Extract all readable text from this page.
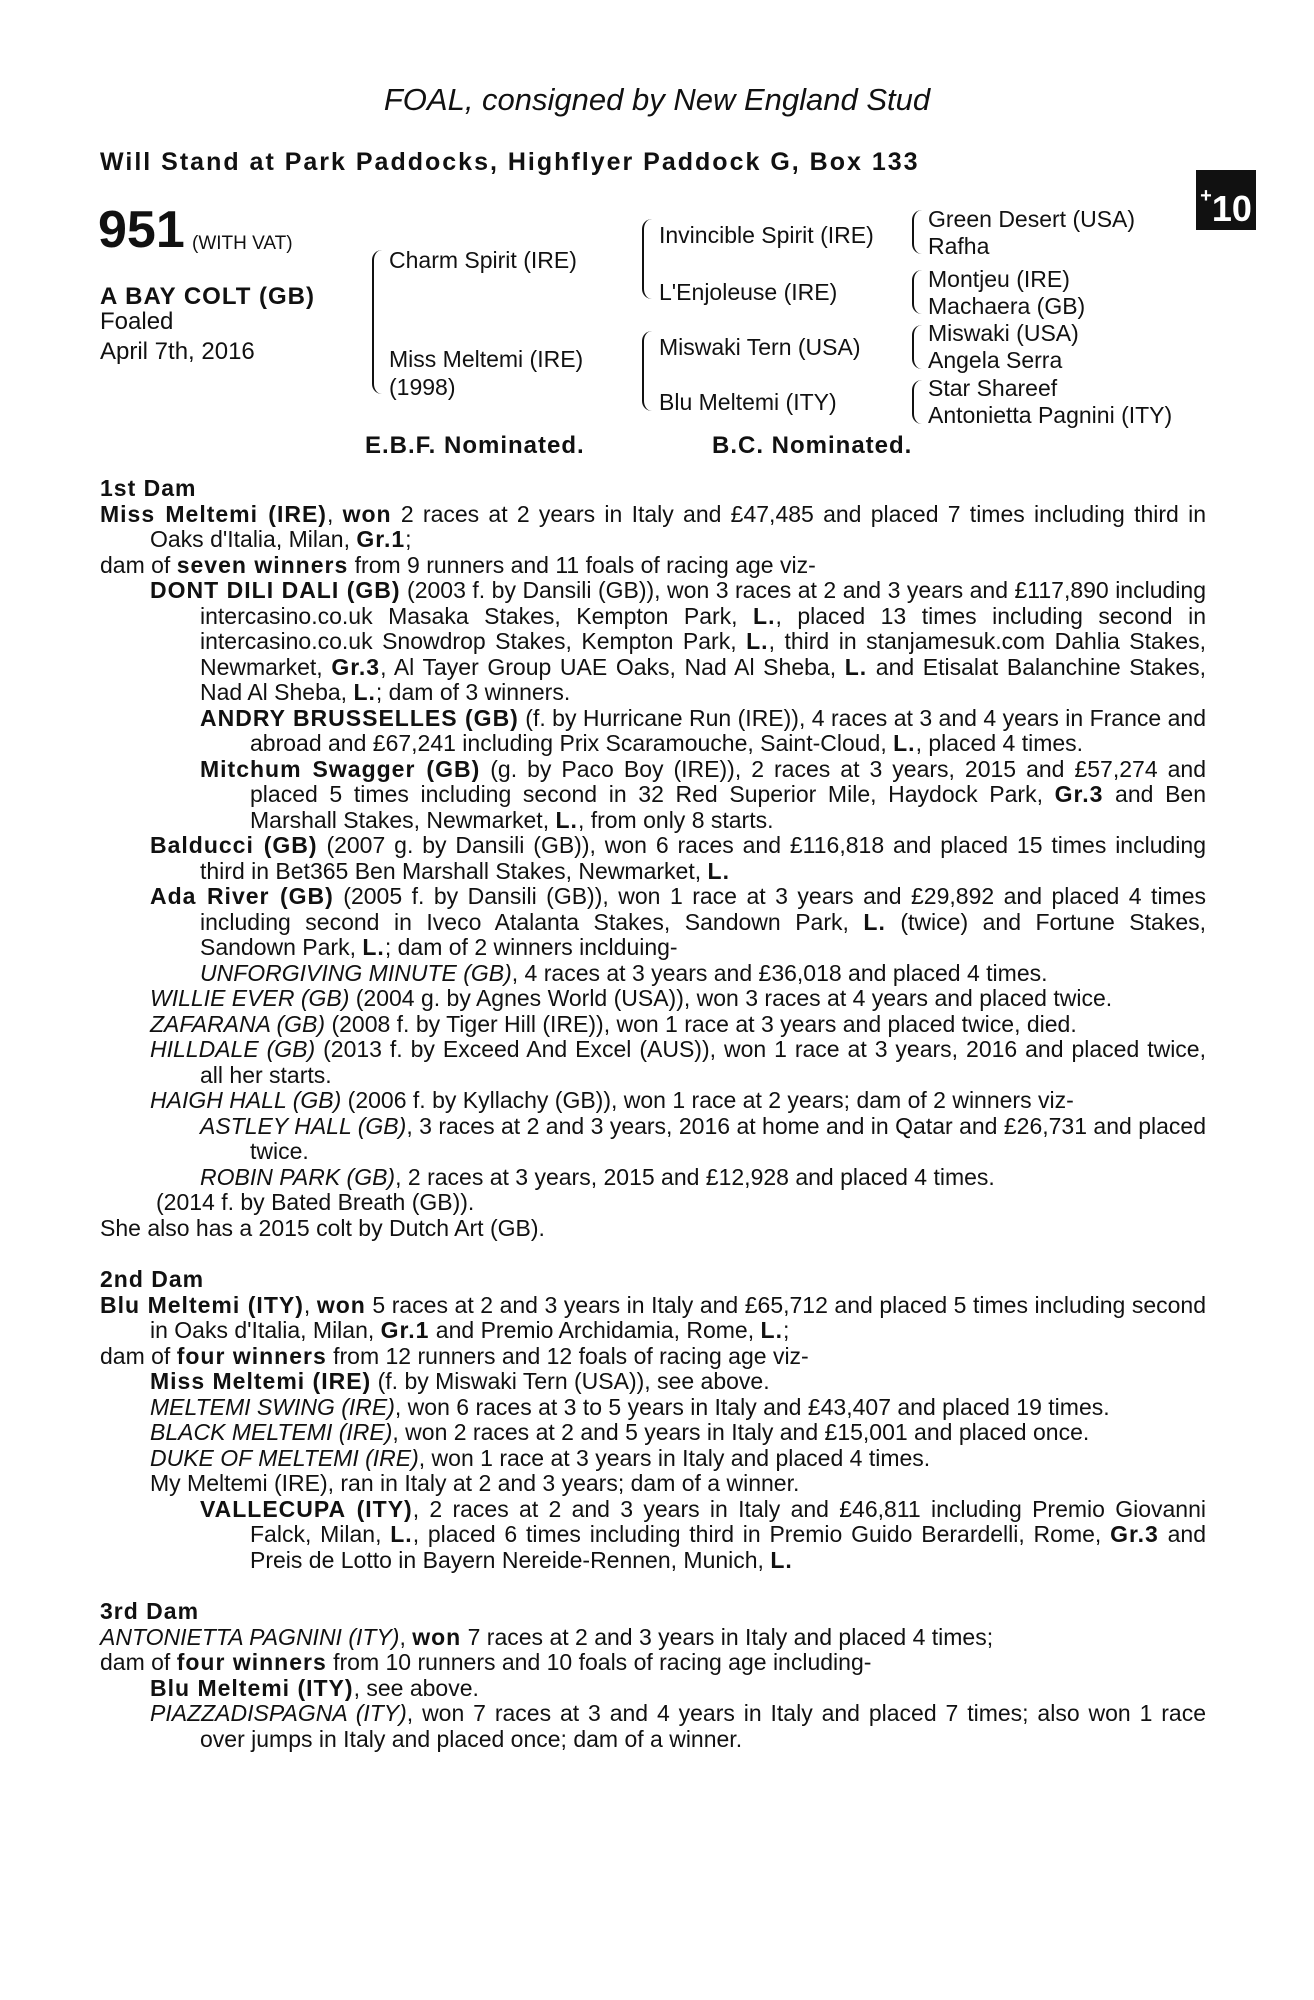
FOAL, consigned by New England Stud
Will Stand at Park Paddocks, Highflyer Paddock G, Box 133
+10
951 (WITH VAT)
A BAY COLT (GB)
Foaled
April 7th, 2016
Charm Spirit (IRE)
Miss Meltemi (IRE)
(1998)
Invincible Spirit (IRE)
L'Enjoleuse (IRE)
Miswaki Tern (USA)
Blu Meltemi (ITY)
Green Desert (USA)
Rafha
Montjeu (IRE)
Machaera (GB)
Miswaki (USA)
Angela Serra
Star Shareef
Antonietta Pagnini (ITY)
E.B.F. Nominated.	B.C. Nominated.
1st Dam
Miss Meltemi (IRE), won 2 races at 2 years in Italy and £47,485 and placed 7 times including third in Oaks d'Italia, Milan, Gr.1;
dam of seven winners from 9 runners and 11 foals of racing age viz-
DONT DILI DALI (GB) (2003 f. by Dansili (GB)), won 3 races at 2 and 3 years and £117,890 including intercasino.co.uk Masaka Stakes, Kempton Park, L., placed 13 times including second in intercasino.co.uk Snowdrop Stakes, Kempton Park, L., third in stanjamesuk.com Dahlia Stakes, Newmarket, Gr.3, Al Tayer Group UAE Oaks, Nad Al Sheba, L. and Etisalat Balanchine Stakes, Nad Al Sheba, L.; dam of 3 winners.
ANDRY BRUSSELLES (GB) (f. by Hurricane Run (IRE)), 4 races at 3 and 4 years in France and abroad and £67,241 including Prix Scaramouche, Saint-Cloud, L., placed 4 times.
Mitchum Swagger (GB) (g. by Paco Boy (IRE)), 2 races at 3 years, 2015 and £57,274 and placed 5 times including second in 32 Red Superior Mile, Haydock Park, Gr.3 and Ben Marshall Stakes, Newmarket, L., from only 8 starts.
Balducci (GB) (2007 g. by Dansili (GB)), won 6 races and £116,818 and placed 15 times including third in Bet365 Ben Marshall Stakes, Newmarket, L.
Ada River (GB) (2005 f. by Dansili (GB)), won 1 race at 3 years and £29,892 and placed 4 times including second in Iveco Atalanta Stakes, Sandown Park, L. (twice) and Fortune Stakes, Sandown Park, L.; dam of 2 winners inclduing-
UNFORGIVING MINUTE (GB), 4 races at 3 years and £36,018 and placed 4 times.
WILLIE EVER (GB) (2004 g. by Agnes World (USA)), won 3 races at 4 years and placed twice.
ZAFARANA (GB) (2008 f. by Tiger Hill (IRE)), won 1 race at 3 years and placed twice, died.
HILLDALE (GB) (2013 f. by Exceed And Excel (AUS)), won 1 race at 3 years, 2016 and placed twice, all her starts.
HAIGH HALL (GB) (2006 f. by Kyllachy (GB)), won 1 race at 2 years; dam of 2 winners viz-
ASTLEY HALL (GB), 3 races at 2 and 3 years, 2016 at home and in Qatar and £26,731 and placed twice.
ROBIN PARK (GB), 2 races at 3 years, 2015 and £12,928 and placed 4 times.
(2014 f. by Bated Breath (GB)).
She also has a 2015 colt by Dutch Art (GB).
2nd Dam
Blu Meltemi (ITY), won 5 races at 2 and 3 years in Italy and £65,712 and placed 5 times including second in Oaks d'Italia, Milan, Gr.1 and Premio Archidamia, Rome, L.;
dam of four winners from 12 runners and 12 foals of racing age viz-
Miss Meltemi (IRE) (f. by Miswaki Tern (USA)), see above.
MELTEMI SWING (IRE), won 6 races at 3 to 5 years in Italy and £43,407 and placed 19 times.
BLACK MELTEMI (IRE), won 2 races at 2 and 5 years in Italy and £15,001 and placed once.
DUKE OF MELTEMI (IRE), won 1 race at 3 years in Italy and placed 4 times.
My Meltemi (IRE), ran in Italy at 2 and 3 years; dam of a winner.
VALLECUPA (ITY), 2 races at 2 and 3 years in Italy and £46,811 including Premio Giovanni Falck, Milan, L., placed 6 times including third in Premio Guido Berardelli, Rome, Gr.3 and Preis de Lotto in Bayern Nereide-Rennen, Munich, L.
3rd Dam
ANTONIETTA PAGNINI (ITY), won 7 races at 2 and 3 years in Italy and placed 4 times;
dam of four winners from 10 runners and 10 foals of racing age including-
Blu Meltemi (ITY), see above.
PIAZZADISPAGNA (ITY), won 7 races at 3 and 4 years in Italy and placed 7 times; also won 1 race over jumps in Italy and placed once; dam of a winner.
